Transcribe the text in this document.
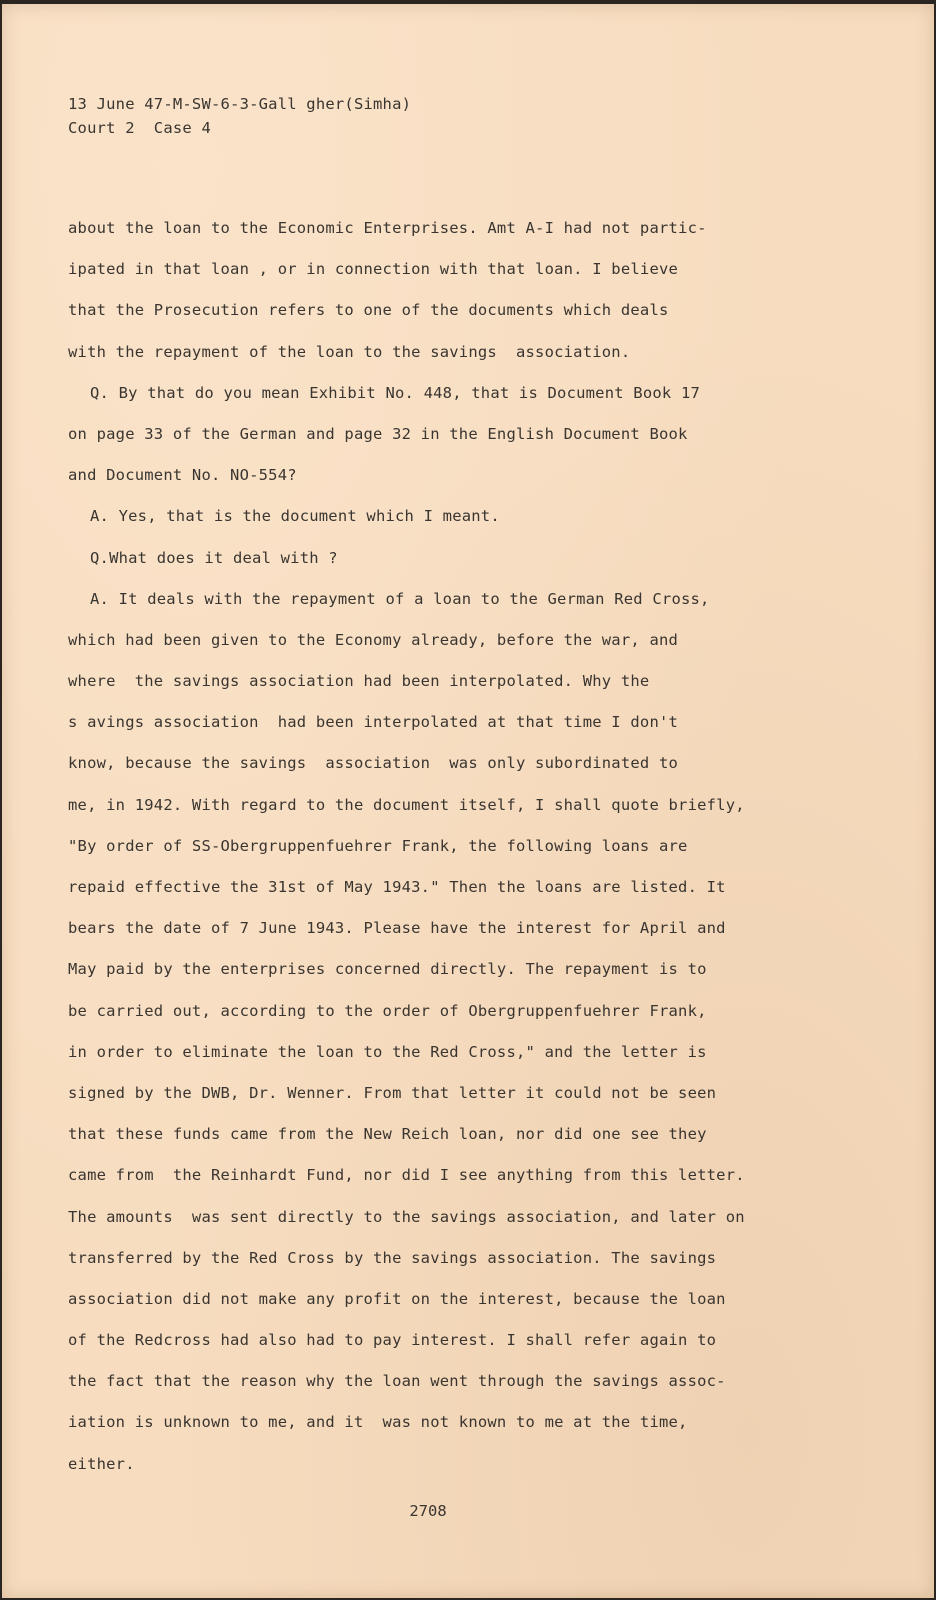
13 June 47-M-SW-6-3-Gall gher(Simha)
Court 2  Case 4
about the loan to the Economic Enterprises. Amt A-I had not partic-
ipated in that loan , or in connection with that loan. I believe
that the Prosecution refers to one of the documents which deals
with the repayment of the loan to the savings  association.
Q. By that do you mean Exhibit No. 448, that is Document Book 17
on page 33 of the German and page 32 in the English Document Book
and Document No. NO-554?
A. Yes, that is the document which I meant.
Q.What does it deal with ?
A. It deals with the repayment of a loan to the German Red Cross,
which had been given to the Economy already, before the war, and
where  the savings association had been interpolated. Why the
s avings association  had been interpolated at that time I don't
know, because the savings  association  was only subordinated to
me, in 1942. With regard to the document itself, I shall quote briefly,
"By order of SS-Obergruppenfuehrer Frank, the following loans are
repaid effective the 31st of May 1943." Then the loans are listed. It
bears the date of 7 June 1943. Please have the interest for April and
May paid by the enterprises concerned directly. The repayment is to
be carried out, according to the order of Obergruppenfuehrer Frank,
in order to eliminate the loan to the Red Cross," and the letter is
signed by the DWB, Dr. Wenner. From that letter it could not be seen
that these funds came from the New Reich loan, nor did one see they
came from  the Reinhardt Fund, nor did I see anything from this letter.
The amounts  was sent directly to the savings association, and later on
transferred by the Red Cross by the savings association. The savings
association did not make any profit on the interest, because the loan
of the Redcross had also had to pay interest. I shall refer again to
the fact that the reason why the loan went through the savings assoc-
iation is unknown to me, and it  was not known to me at the time,
either.
2708
